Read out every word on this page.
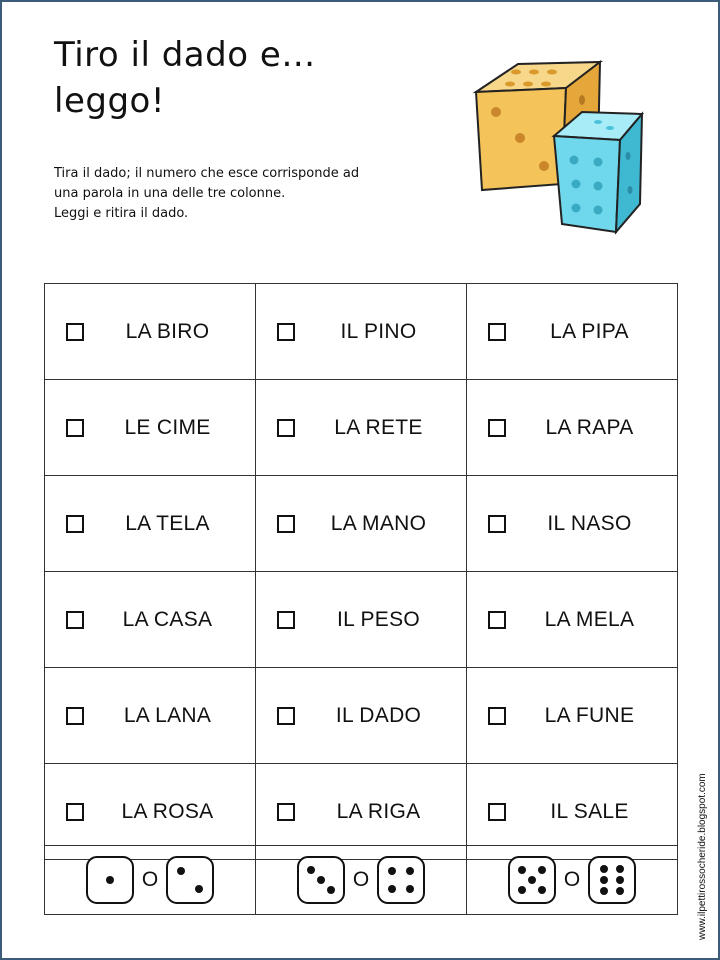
Tiro il dado e…
leggo!
Tira il dado; il numero che esce corrisponde ad
una parola in una delle tre colonne.
Leggi e ritira il dado.
LA BIRO	IL PINO	LA PIPA

LE CIME	LA RETE	LA RAPA

LA TELA	LA MANO	IL NASO

LA CASA	IL PESO	LA MELA

LA LANA	IL DADO	LA FUNE

LA ROSA	LA RIGA	IL SALE
O	O	O	www.ilpettirossocheride.blogspot.com
